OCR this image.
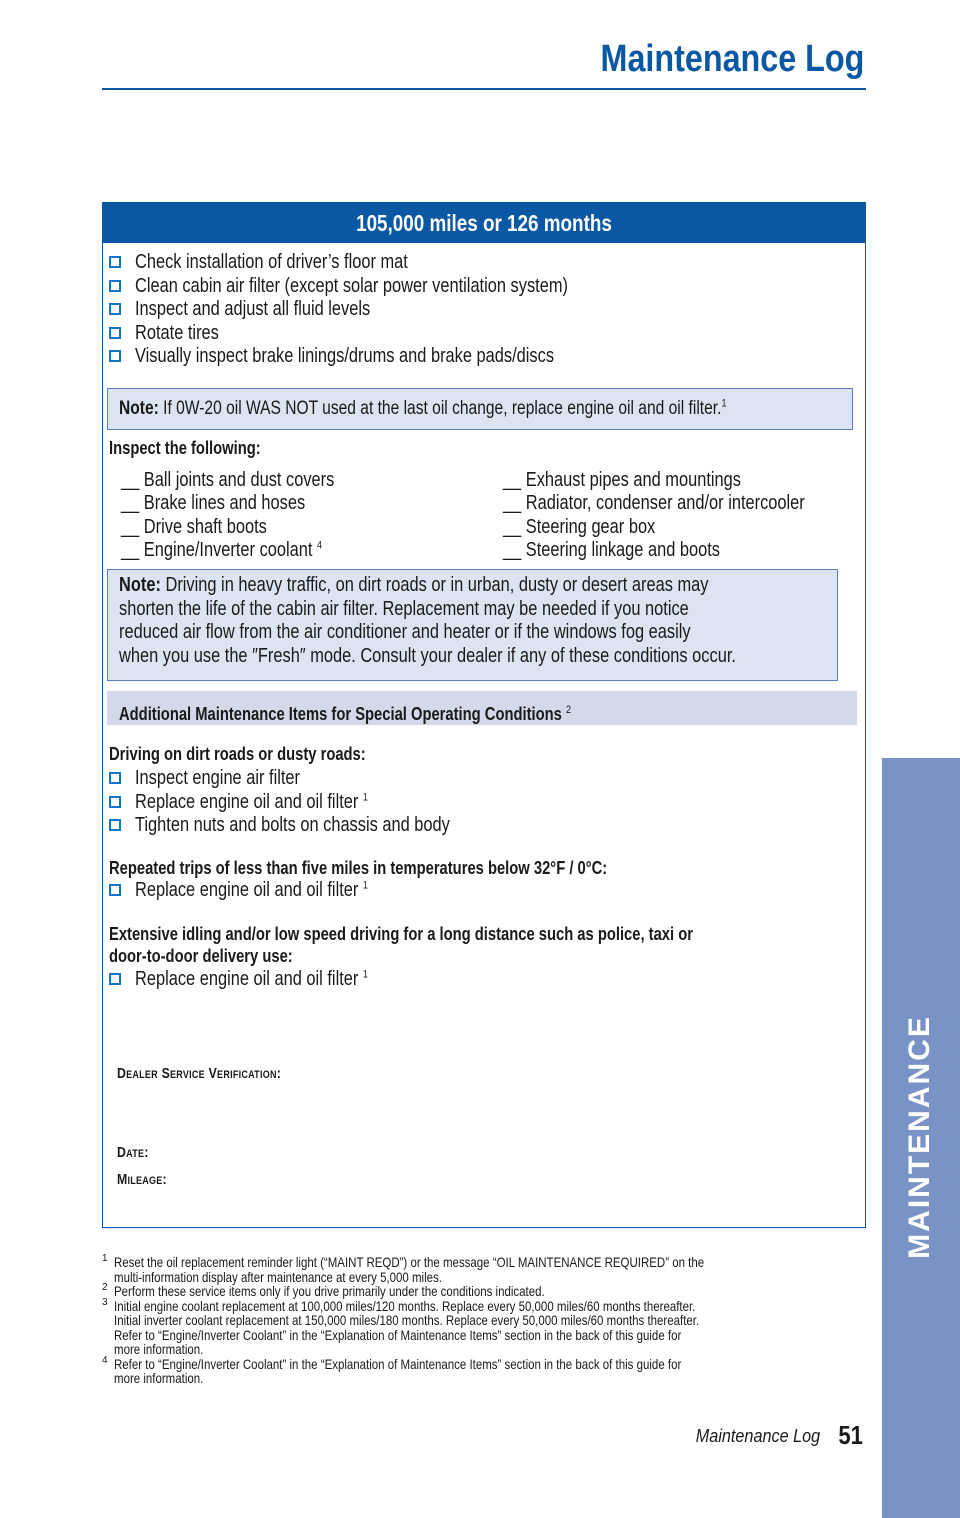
Maintenance Log
105,000 miles or 126 months
Check installation of driver’s floor mat
Clean cabin air filter (except solar power ventilation system)
Inspect and adjust all fluid levels
Rotate tires
Visually inspect brake linings/drums and brake pads/discs
Note: If 0W-20 oil WAS NOT used at the last oil change, replace engine oil and oil filter.$^1$
Inspect the following:
__ Ball joints and dust covers
__ Brake lines and hoses
__ Drive shaft boots
__ Engine/Inverter coolant $^4$
__ Exhaust pipes and mountings
__ Radiator, condenser and/or intercooler
__ Steering gear box
__ Steering linkage and boots
Note: Driving in heavy traffic, on dirt roads or in urban, dusty or desert areas may
shorten the life of the cabin air filter. Replacement may be needed if you notice
reduced air flow from the air conditioner and heater or if the windows fog easily
when you use the ″Fresh″ mode. Consult your dealer if any of these conditions occur.
Additional Maintenance Items for Special Operating Conditions $^2$
Driving on dirt roads or dusty roads:
Inspect engine air filter
Replace engine oil and oil filter $^1$
Tighten nuts and bolts on chassis and body
Repeated trips of less than five miles in temperatures below 32°F / 0°C:
Replace engine oil and oil filter $^1$
Extensive idling and/or low speed driving for a long distance such as police, taxi or
door-to-door delivery use:
Replace engine oil and oil filter $^1$
Dealer Service Verification:
Date:
Mileage:
1 Reset the oil replacement reminder light (“MAINT REQD”) or the message “OIL MAINTENANCE REQUIRED” on the
multi-information display after maintenance at every 5,000 miles.
2 Perform these service items only if you drive primarily under the conditions indicated.
3 Initial engine coolant replacement at 100,000 miles/120 months. Replace every 50,000 miles/60 months thereafter.
Initial inverter coolant replacement at 150,000 miles/180 months. Replace every 50,000 miles/60 months thereafter.
Refer to “Engine/Inverter Coolant” in the “Explanation of Maintenance Items” section in the back of this guide for
more information.
4 Refer to “Engine/Inverter Coolant” in the “Explanation of Maintenance Items” section in the back of this guide for
more information.
Maintenance Log 51
MAINTENANCE
